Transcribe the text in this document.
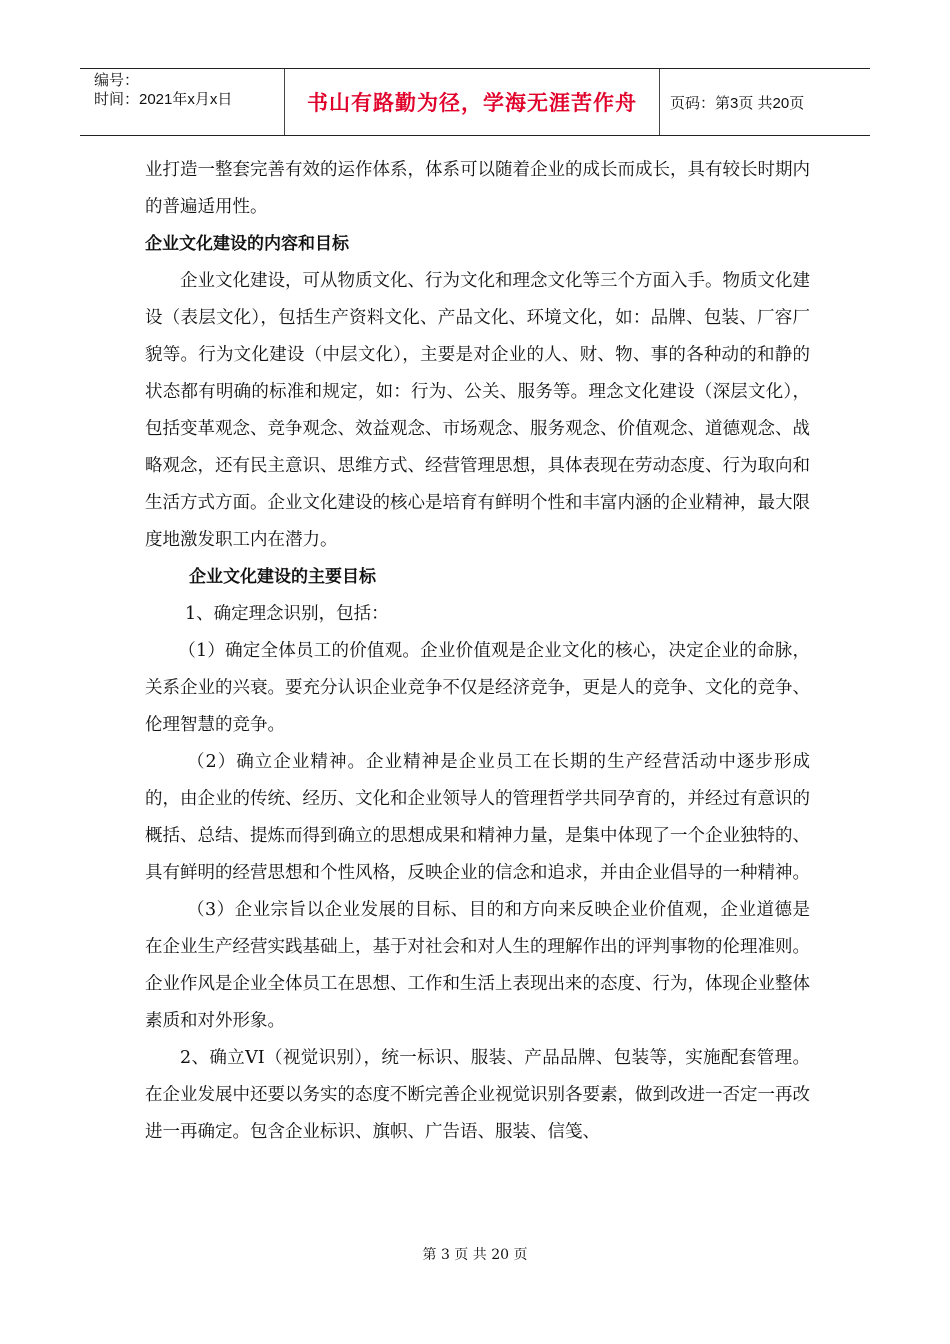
编号：
时间：2021年x月x日	书山有路勤为径，学海无涯苦作舟 页码：第3页 共20页

业打造一整套完善有效的运作体系，体系可以随着企业的成长而成长，具有较长时期内的普遍适用性。

企业文化建设的内容和目标

企业文化建设，可从物质文化、行为文化和理念文化等三个方面入手。物质文化建设（表层文化），包括生产资料文化、产品文化、环境文化，如：品牌、包装、厂容厂貌等。行为文化建设（中层文化），主要是对企业的人、财、物、事的各种动的和静的状态都有明确的标准和规定，如：行为、公关、服务等。理念文化建设（深层文化），包括变革观念、竞争观念、效益观念、市场观念、服务观念、价值观念、道德观念、战略观念，还有民主意识、思维方式、经营管理思想，具体表现在劳动态度、行为取向和生活方式方面。企业文化建设的核心是培育有鲜明个性和丰富内涵的企业精神，最大限度地激发职工内在潜力。

企业文化建设的主要目标

1、确定理念识别，包括：

（1）确定全体员工的价值观。企业价值观是企业文化的核心，决定企业的命脉，关系企业的兴衰。要充分认识企业竞争不仅是经济竞争，更是人的竞争、文化的竞争、伦理智慧的竞争。

（2）确立企业精神。企业精神是企业员工在长期的生产经营活动中逐步形成的，由企业的传统、经历、文化和企业领导人的管理哲学共同孕育的，并经过有意识的概括、总结、提炼而得到确立的思想成果和精神力量，是集中体现了一个企业独特的、具有鲜明的经营思想和个性风格，反映企业的信念和追求，并由企业倡导的一种精神。

（3）企业宗旨以企业发展的目标、目的和方向来反映企业价值观，企业道德是在企业生产经营实践基础上，基于对社会和对人生的理解作出的评判事物的伦理准则。企业作风是企业全体员工在思想、工作和生活上表现出来的态度、行为，体现企业整体素质和对外形象。

2、确立VI（视觉识别），统一标识、服装、产品品牌、包装等，实施配套管理。在企业发展中还要以务实的态度不断完善企业视觉识别各要素，做到改进一否定一再改进一再确定。包含企业标识、旗帜、广告语、服装、信笺、

第 3 页 共 20 页
